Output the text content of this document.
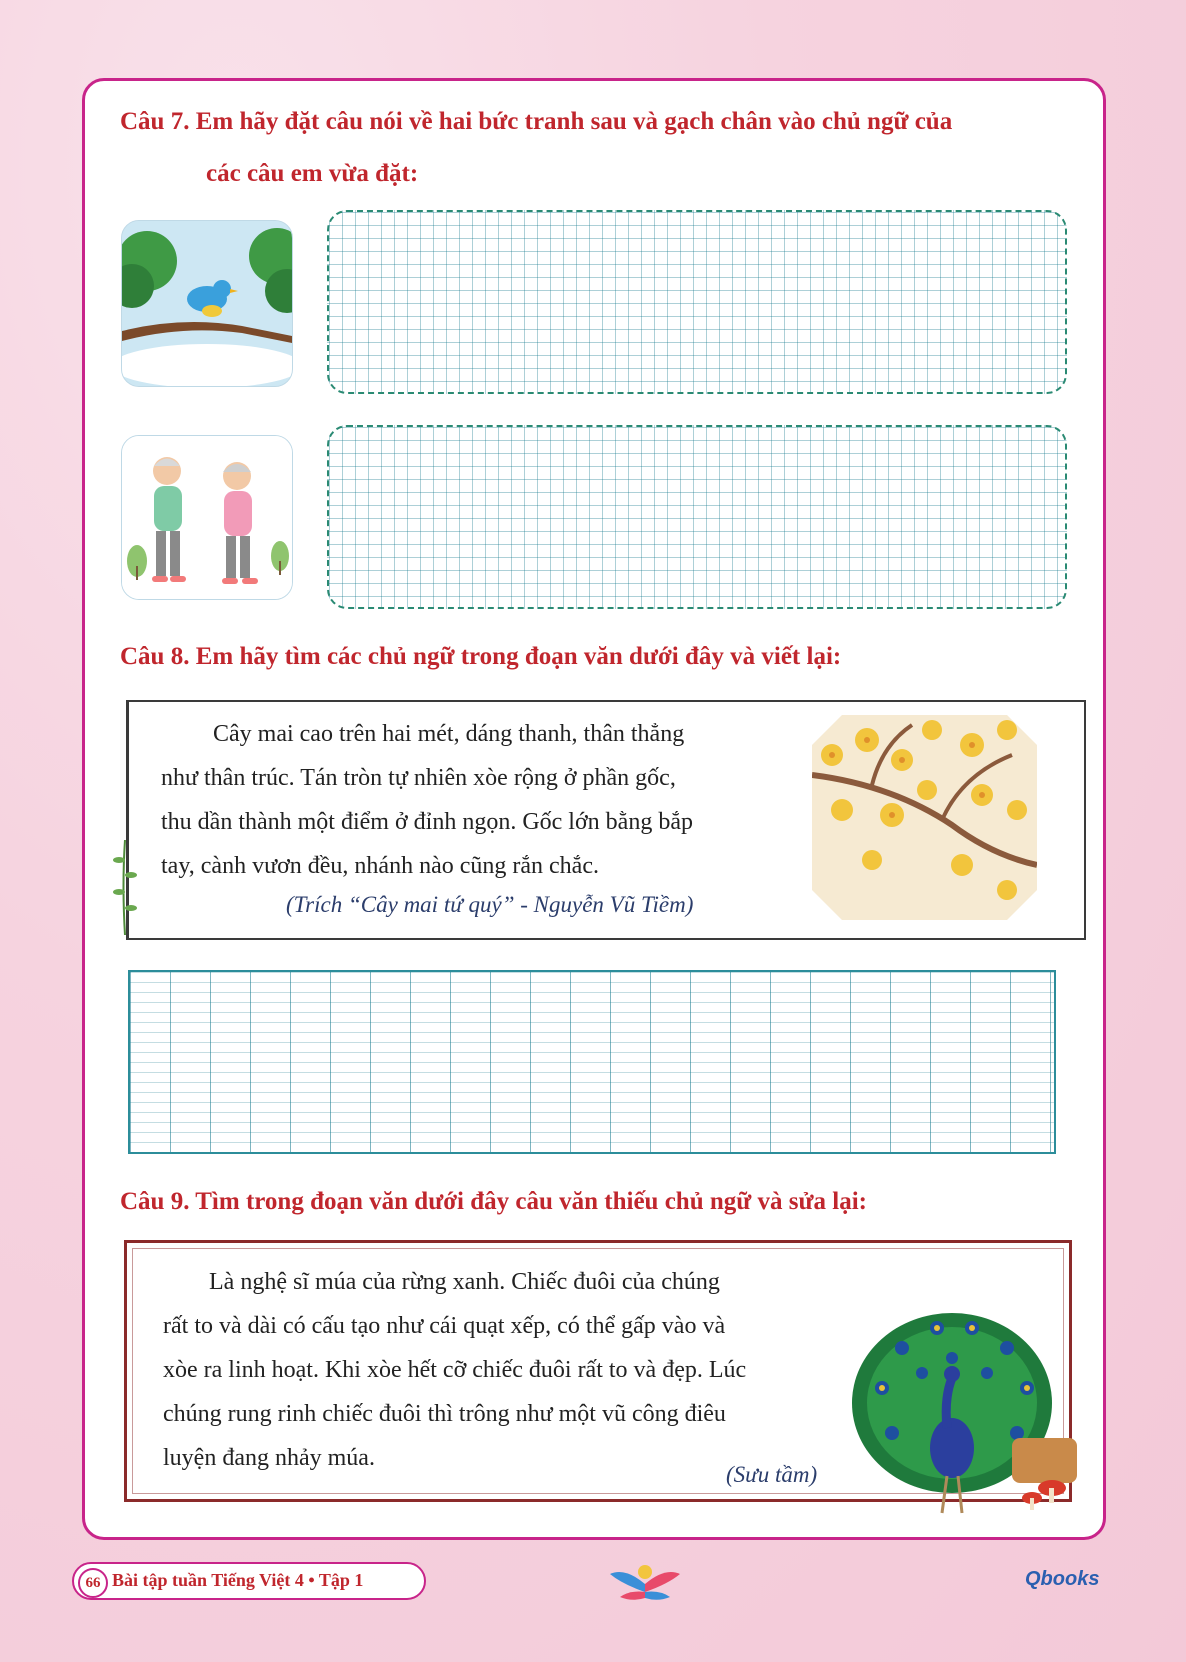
Câu 7. Em hãy đặt câu nói về hai bức tranh sau và gạch chân vào chủ ngữ của
các câu em vừa đặt:
Câu 8. Em hãy tìm các chủ ngữ trong đoạn văn dưới đây và viết lại:
Cây mai cao trên hai mét, dáng thanh, thân thẳng
như thân trúc. Tán tròn tự nhiên xòe rộng ở phần gốc,
thu dần thành một điểm ở đỉnh ngọn. Gốc lớn bằng bắp
tay, cành vươn đều, nhánh nào cũng rắn chắc.
(Trích “Cây mai tứ quý” - Nguyễn Vũ Tiềm)
Câu 9. Tìm trong đoạn văn dưới đây câu văn thiếu chủ ngữ và sửa lại:
Là nghệ sĩ múa của rừng xanh. Chiếc đuôi của chúng
rất to và dài có cấu tạo như cái quạt xếp, có thể gấp vào và
xòe ra linh hoạt. Khi xòe hết cỡ chiếc đuôi rất to và đẹp. Lúc
chúng rung rinh chiếc đuôi thì trông như một vũ công điêu
luyện đang nhảy múa.
(Sưu tầm)
66 Bài tập tuần Tiếng Việt 4 • Tập 1	Qbooks
